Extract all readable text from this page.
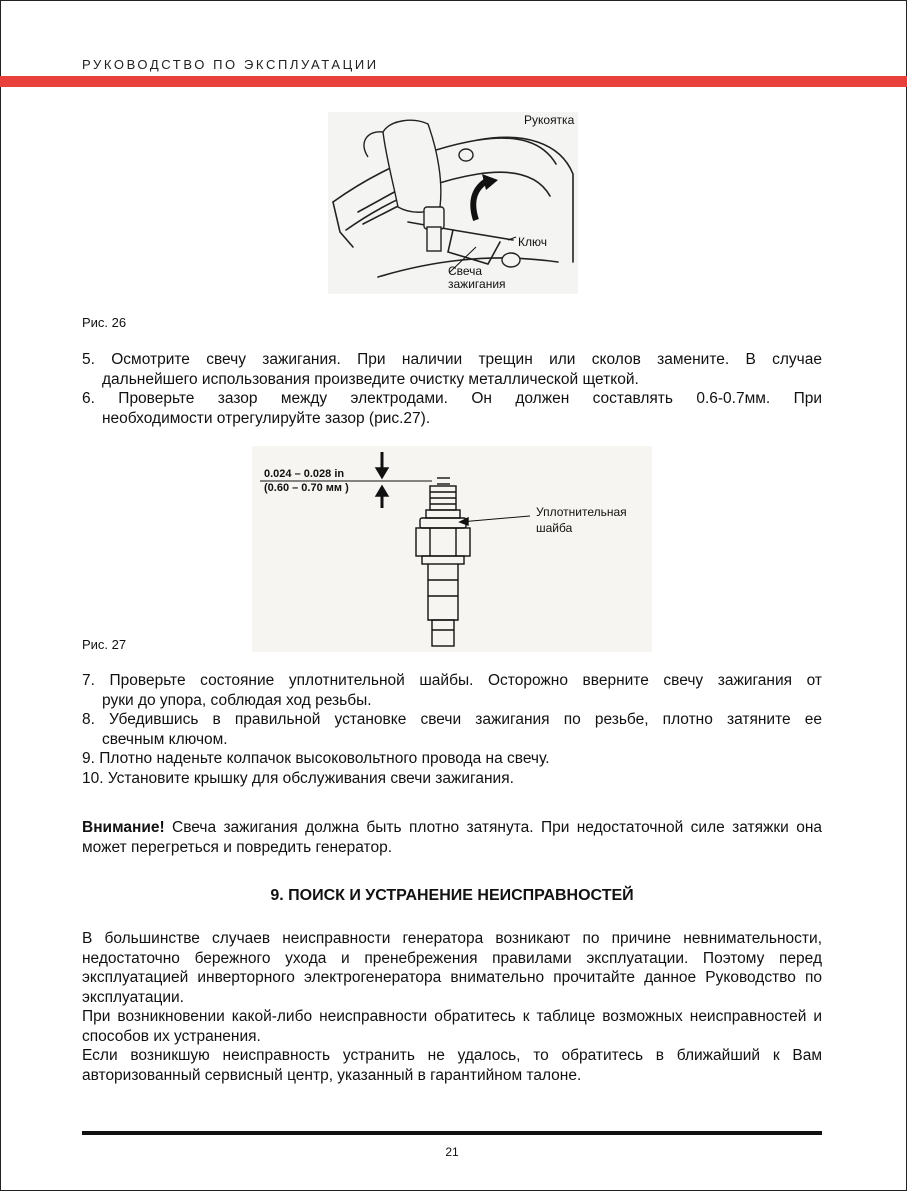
РУКОВОДСТВО ПО ЭКСПЛУАТАЦИИ
Рукоятка
Ключ
Свеча
зажигания
Рис. 26
5. Осмотрите свечу зажигания. При наличии трещин или сколов замените. В случае
дальнейшего использования произведите очистку металлической щеткой.
6. Проверьте зазор между электродами. Он должен составлять 0.6-0.7мм. При
необходимости отрегулируйте зазор (рис.27).
0.024 – 0.028 in
(0.60 – 0.70 мм )
Уплотнительная
шайба
Рис. 27
7. Проверьте состояние уплотнительной шайбы. Осторожно вверните свечу зажигания от
руки до упора, соблюдая ход резьбы.
8. Убедившись в правильной установке свечи зажигания по резьбе, плотно затяните ее
свечным ключом.
9. Плотно наденьте колпачок высоковольтного провода на свечу.
10. Установите крышку для обслуживания свечи зажигания.
Внимание! Свеча зажигания должна быть плотно затянута. При недостаточной силе затяжки она может перегреться и повредить генератор.
9. ПОИСК И УСТРАНЕНИЕ НЕИСПРАВНОСТЕЙ
В большинстве случаев неисправности генератора возникают по причине невнимательности, недостаточно бережного ухода и пренебрежения правилами эксплуатации. Поэтому перед эксплуатацией инверторного электрогенератора внимательно прочитайте данное Руководство по эксплуатации.
При возникновении какой-либо неисправности обратитесь к таблице возможных неисправностей и способов их устранения.
Если возникшую неисправность устранить не удалось, то обратитесь в ближайший к Вам авторизованный сервисный центр, указанный в гарантийном талоне.
21
